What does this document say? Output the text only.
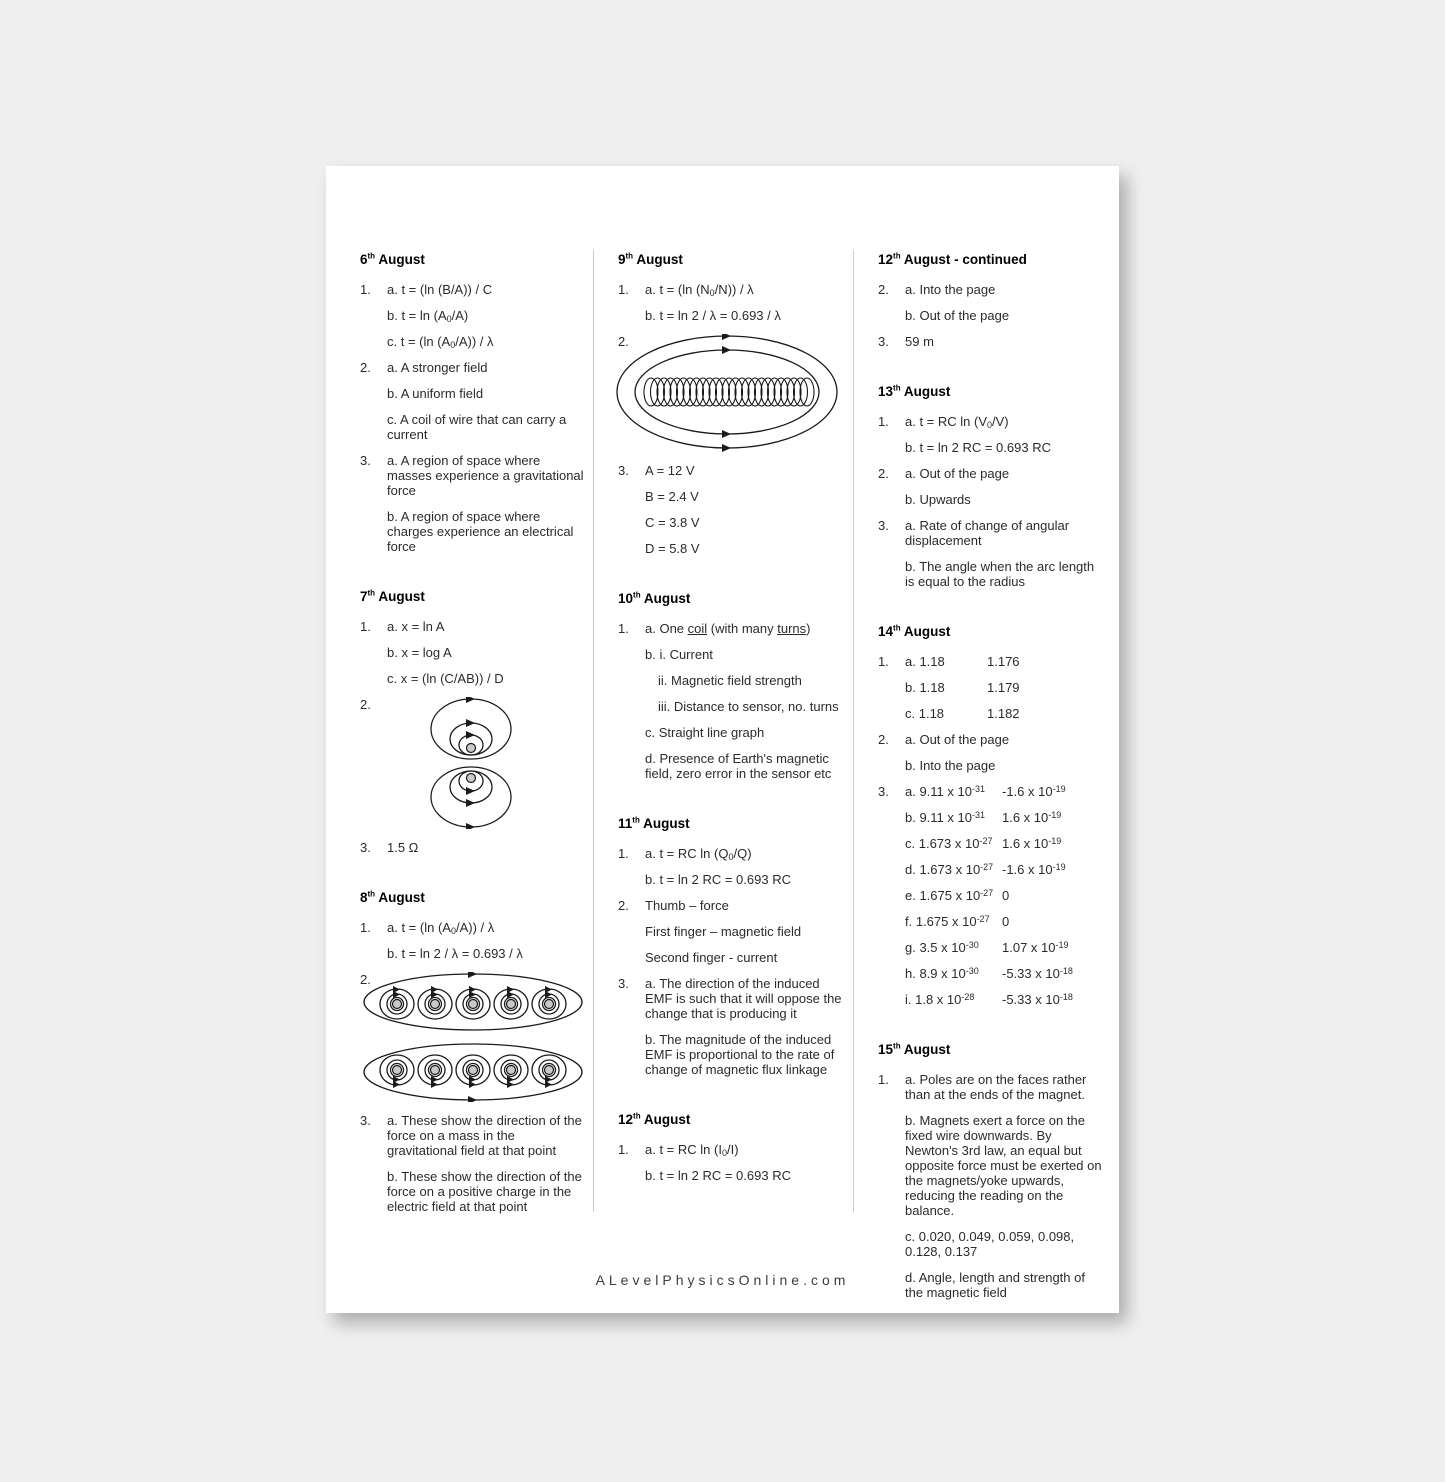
6th August
1.	a. t = (ln (B/A)) / C
b. $t = \ln (A_0/A)$
c. t = (ln $(A_0/A)$) / λ
2.	a. A stronger field
b. A uniform field
c. A coil of wire that can carry a current
3.	a. A region of space where masses experience a gravitational force
b. A region of space where charges experience an electrical force
7th August
1.	a. x = ln A
b. x = log A
c. x = (ln (C/AB)) / D
2.
3.	1.5 Ω
8th August
1.	a. t = (ln $(A_0/A)$) / λ
b. t = ln 2 / λ = 0.693 / λ
2.
3.	a. These show the direction of the force on a mass in the gravitational field at that point
b. These show the direction of the force on a positive charge in the electric field at that point
9th August
1.	a. t = (ln $(N_0/N)$) / λ
b. t = ln 2 / λ = 0.693 / λ
2.
3.	A = 12 V
B = 2.4 V
C = 3.8 V
D = 5.8 V
10th August
1.	a. One coil (with many turns)
b. i. Current
ii. Magnetic field strength
iii. Distance to sensor, no. turns
c. Straight line graph
d. Presence of Earth's magnetic field, zero error in the sensor etc
11th August
1.	a. t = RC $\ln (Q_0/Q)$
b. t = ln 2 RC = 0.693 RC
2.	Thumb – force
First finger – magnetic field
Second finger - current
3.	a. The direction of the induced EMF is such that it will oppose the change that is producing it
b. The magnitude of the induced EMF is proportional to the rate of change of magnetic flux linkage
12th August
1.	a. t = RC $\ln (I_0/I)$
b. t = ln 2 RC = 0.693 RC
12th August - continued
2.	a. Into the page
b. Out of the page
3.	59 m
13th August
1.	a. t = RC $\ln (V_0/V)$
b. t = ln 2 RC = 0.693 RC
2.	a. Out of the page
b. Upwards
3.	a. Rate of change of angular displacement
b. The angle when the arc length is equal to the radius
14th August
1.	a. 1.18	1.176
b. 1.18	1.179
c. 1.18	1.182
2.	a. Out of the page
b. Into the page
3.	a. 9.11 x $10^{-31}$	-1.6 x $10^{-19}$
b. 9.11 x $10^{-31}$	1.6 x $10^{-19}$
c. 1.673 x $10^{-27}$ 1.6 x $10^{-19}$
d. 1.673 x $10^{-27}$ -1.6 x $10^{-19}$
e. 1.675 x $10^{-27}$ 0
f. 1.675 x $10^{-27}$ 0
g. 3.5 x $10^{-30}$	1.07 x $10^{-19}$
h. 8.9 x $10^{-30}$	-5.33 x $10^{-18}$
i. 1.8 x $10^{-28}$	-5.33 x $10^{-18}$
15th August
1.	a. Poles are on the faces rather than at the ends of the magnet.
b. Magnets exert a force on the fixed wire downwards. By Newton's 3rd law, an equal but opposite force must be exerted on the magnets/yoke upwards, reducing the reading on the balance.
c. 0.020, 0.049, 0.059, 0.098, 0.128, 0.137
d. Angle, length and strength of the magnetic field
ALevelPhysicsOnline.com
